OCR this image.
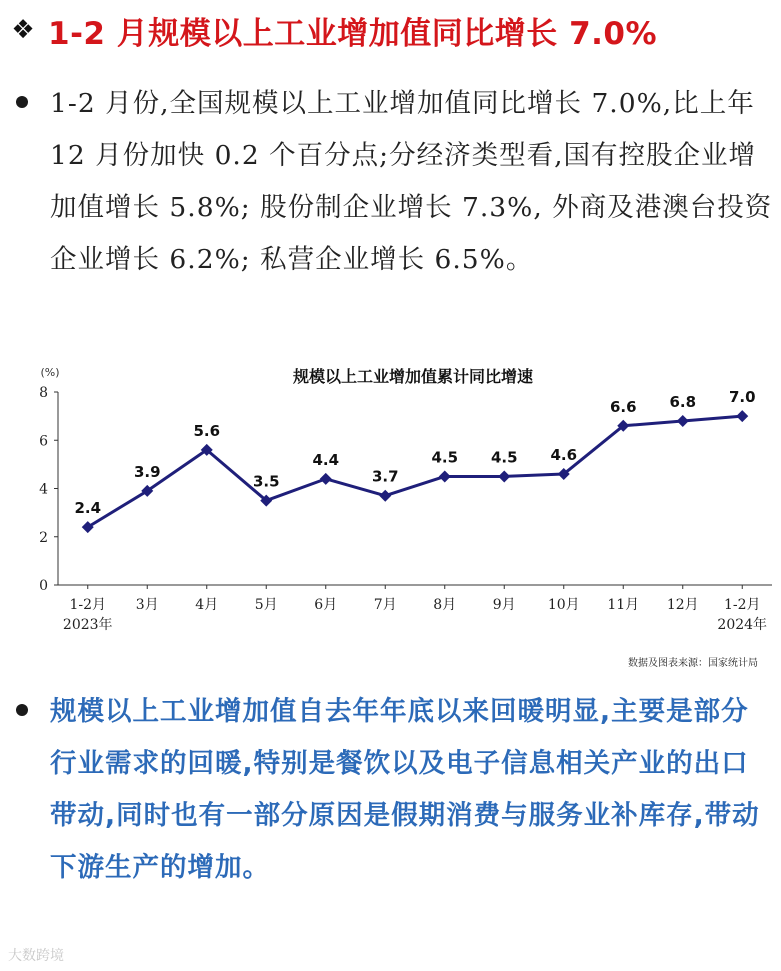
❖ 1-2 月规模以上工业增加值同比增长 7.0%
1-2 月份,全国规模以上工业增加值同比增长 7.0%,比上年 12 月份加快 0.2 个百分点;分经济类型看,国有控股企业增加值增长 5.8%; 股份制企业增长 7.3%, 外商及港澳台投资企业增长 6.2%; 私营企业增长 6.5%。
规模以上工业增加值累计同比增速
(%)
0
2
4
6
8
2.4
3.9
5.6
3.5
4.4
3.7
4.5 4.5 4.6
6.6 6.8 7.0
1-2月
2023年
3月	4月	5月	6月	7月	8月	9月 10月 11月 12月 1-2月
2024年
数据及图表来源：国家统计局
规模以上工业增加值自去年年底以来回暖明显,主要是部分行业需求的回暖,特别是餐饮以及电子信息相关产业的出口带动,同时也有一部分原因是假期消费与服务业补库存,带动下游生产的增加。
大数跨境
